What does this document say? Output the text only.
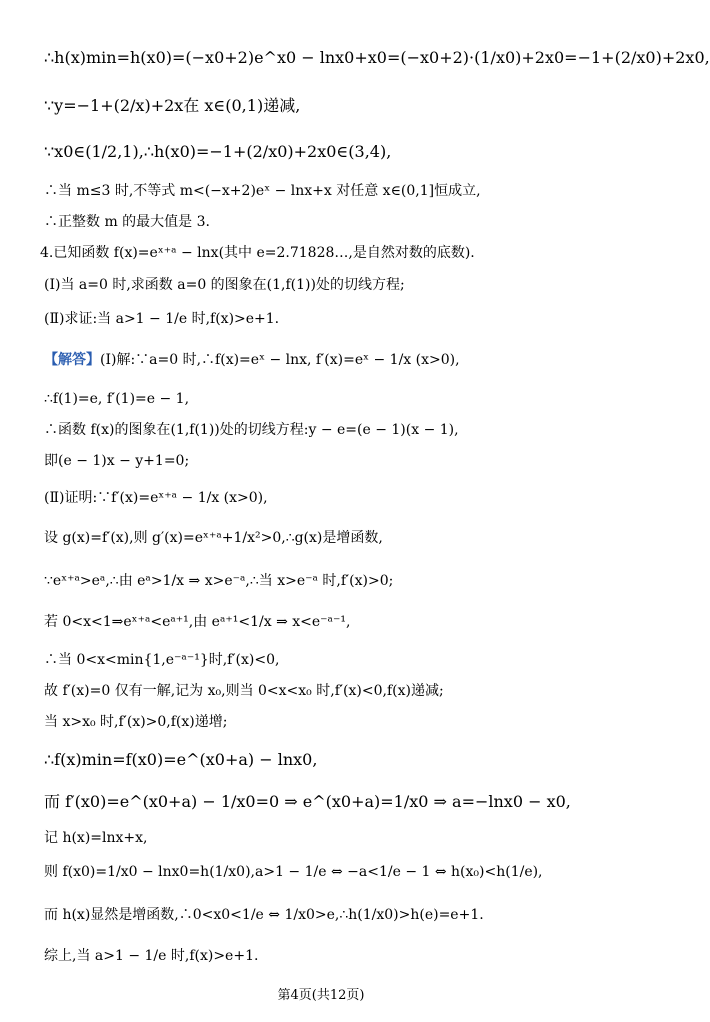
∴h(x)min=h(x0)=(−x0+2)e^x0 − lnx0+x0=(−x0+2)·(1/x0)+2x0=−1+(2/x0)+2x0,
∵y=−1+(2/x)+2x在 x∈(0,1)递减,
∵x0∈(1/2,1),∴h(x0)=−1+(2/x0)+2x0∈(3,4),
∴当 m≤3 时,不等式 m<(−x+2)eˣ − lnx+x 对任意 x∈(0,1]恒成立,
∴正整数 m 的最大值是 3.
4.已知函数 f(x)=eˣ⁺ᵃ − lnx(其中 e=2.71828…,是自然对数的底数).
(Ⅰ)当 a=0 时,求函数 a=0 的图象在(1,f(1))处的切线方程;
(Ⅱ)求证:当 a>1 − 1/e 时,f(x)>e+1.
【解答】(Ⅰ)解:∵a=0 时,∴f(x)=eˣ − lnx, f′(x)=eˣ − 1/x (x>0),
∴f(1)=e, f′(1)=e − 1,
∴函数 f(x)的图象在(1,f(1))处的切线方程:y − e=(e − 1)(x − 1),
即(e − 1)x − y+1=0;
(Ⅱ)证明:∵f′(x)=eˣ⁺ᵃ − 1/x (x>0),
设 g(x)=f′(x),则 g′(x)=eˣ⁺ᵃ+1/x²>0,∴g(x)是增函数,
∵eˣ⁺ᵃ>eᵃ,∴由 eᵃ>1/x ⇒ x>e⁻ᵃ,∴当 x>e⁻ᵃ 时,f′(x)>0;
若 0<x<1⇒eˣ⁺ᵃ<eᵃ⁺¹,由 eᵃ⁺¹<1/x ⇒ x<e⁻ᵃ⁻¹,
∴当 0<x<min{1,e⁻ᵃ⁻¹}时,f′(x)<0,
故 f′(x)=0 仅有一解,记为 x₀,则当 0<x<x₀ 时,f′(x)<0,f(x)递减;
当 x>x₀ 时,f′(x)>0,f(x)递增;
∴f(x)min=f(x0)=e^(x0+a) − lnx0,
而 f′(x0)=e^(x0+a) − 1/x0=0 ⇒ e^(x0+a)=1/x0 ⇒ a=−lnx0 − x0,
记 h(x)=lnx+x,
则 f(x0)=1/x0 − lnx0=h(1/x0),a>1 − 1/e ⇔ −a<1/e − 1 ⇔ h(x₀)<h(1/e),
而 h(x)显然是增函数,∴0<x0<1/e ⇔ 1/x0>e,∴h(1/x0)>h(e)=e+1.
综上,当 a>1 − 1/e 时,f(x)>e+1.
第4页(共12页)
